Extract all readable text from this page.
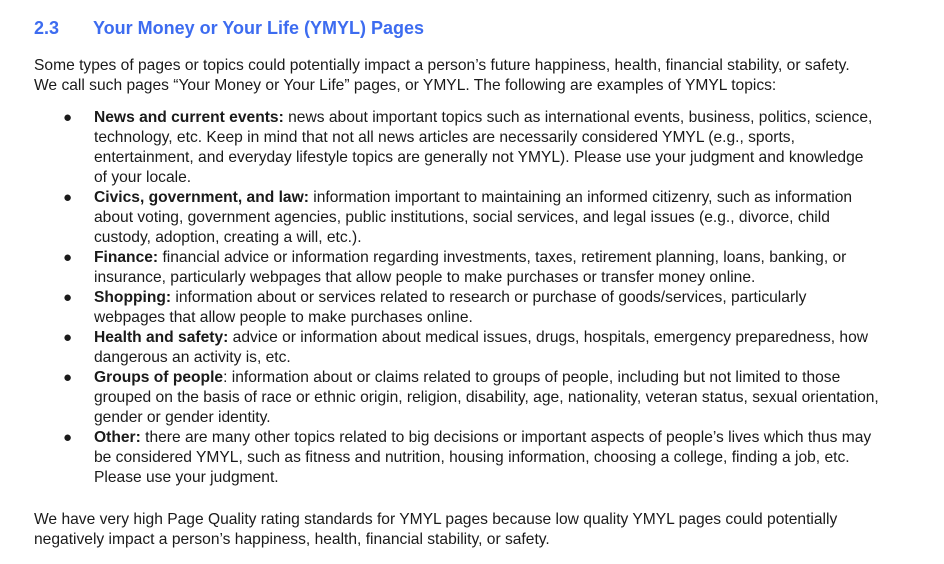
2.3 Your Money or Your Life (YMYL) Pages

Some types of pages or topics could potentially impact a person’s future happiness, health, financial stability, or safety.
We call such pages “Your Money or Your Life” pages, or YMYL. The following are examples of YMYL topics:

● News and current events: news about important topics such as international events, business, politics, science,
technology, etc. Keep in mind that not all news articles are necessarily considered YMYL (e.g., sports,
entertainment, and everyday lifestyle topics are generally not YMYL). Please use your judgment and knowledge
of your locale.
● Civics, government, and law: information important to maintaining an informed citizenry, such as information
about voting, government agencies, public institutions, social services, and legal issues (e.g., divorce, child
custody, adoption, creating a will, etc.).
● Finance: financial advice or information regarding investments, taxes, retirement planning, loans, banking, or
insurance, particularly webpages that allow people to make purchases or transfer money online.
● Shopping: information about or services related to research or purchase of goods/services, particularly
webpages that allow people to make purchases online.
● Health and safety: advice or information about medical issues, drugs, hospitals, emergency preparedness, how
dangerous an activity is, etc.
● Groups of people: information about or claims related to groups of people, including but not limited to those
grouped on the basis of race or ethnic origin, religion, disability, age, nationality, veteran status, sexual orientation,
gender or gender identity.
● Other: there are many other topics related to big decisions or important aspects of people’s lives which thus may
be considered YMYL, such as fitness and nutrition, housing information, choosing a college, finding a job, etc.
Please use your judgment.

We have very high Page Quality rating standards for YMYL pages because low quality YMYL pages could potentially
negatively impact a person’s happiness, health, financial stability, or safety.
